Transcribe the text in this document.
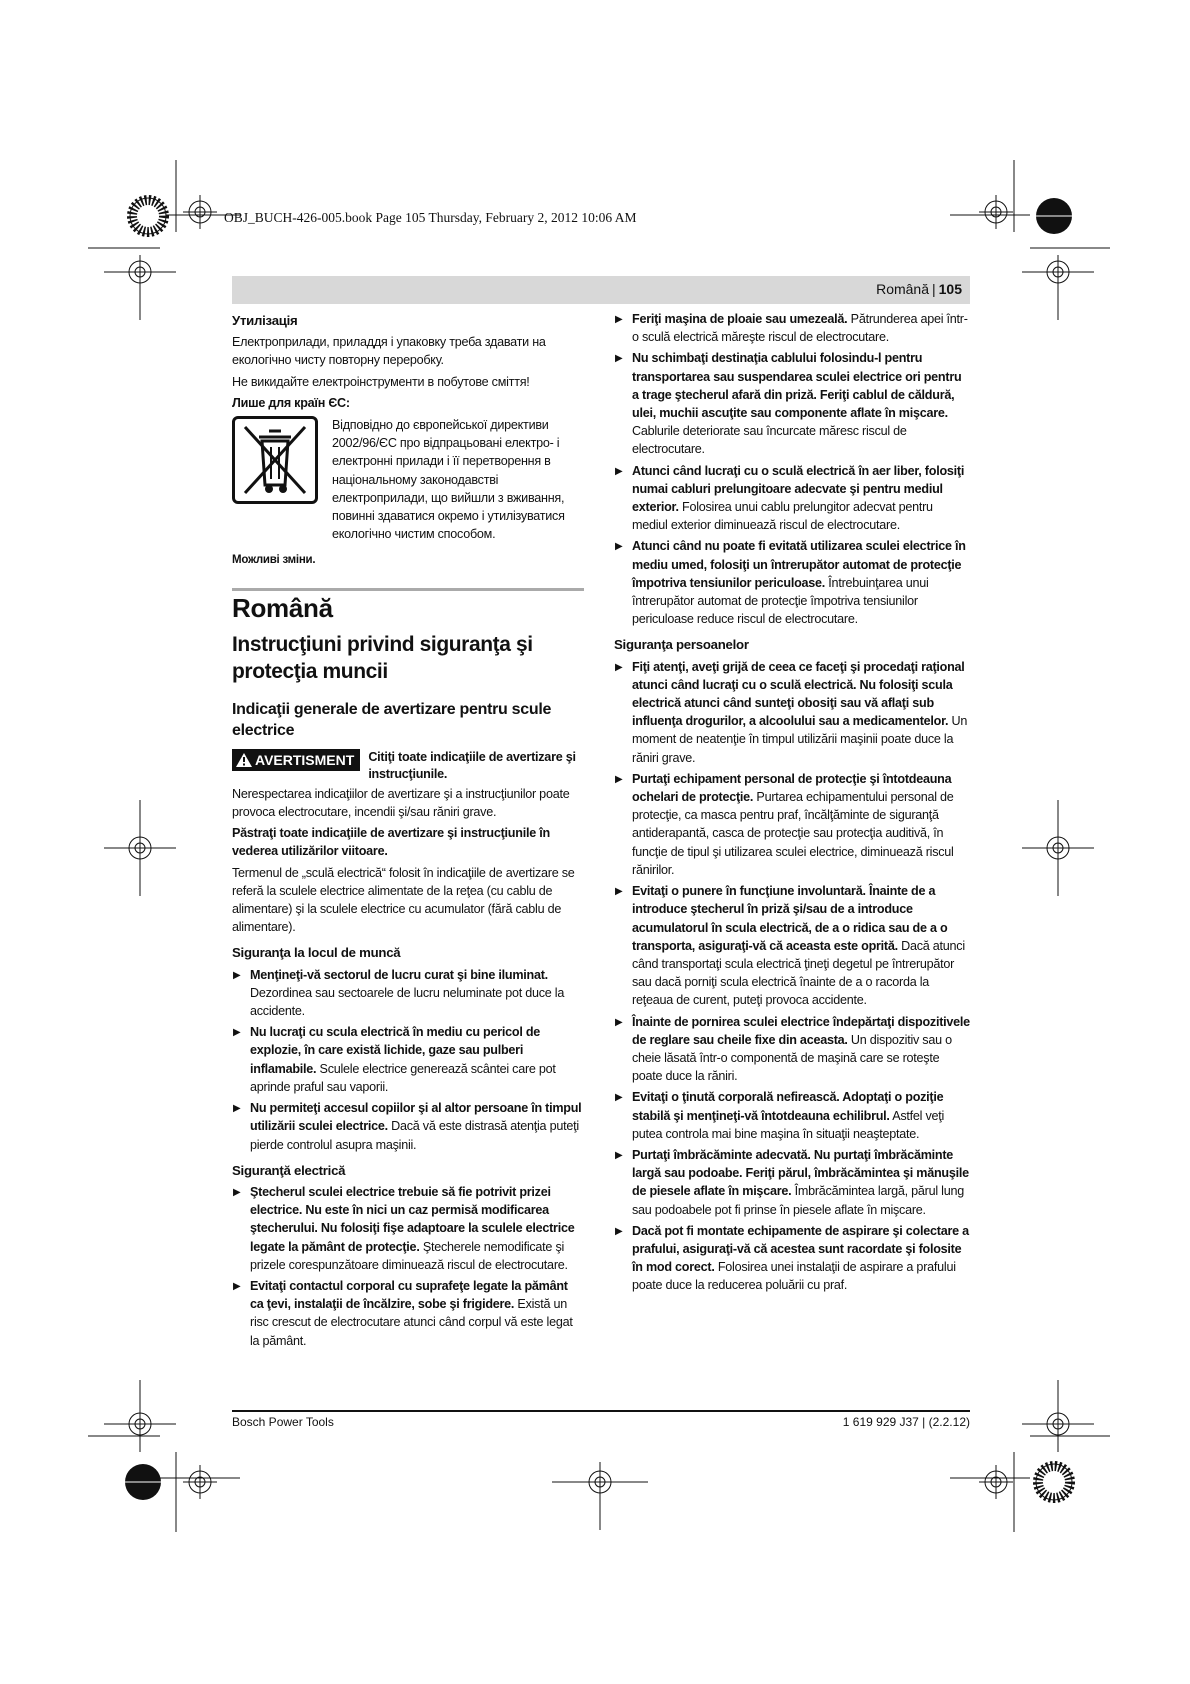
OBJ_BUCH-426-005.book Page 105 Thursday, February 2, 2012 10:06 AM
Română | 105

Утилізація

Електроприлади, приладдя і упаковку треба здавати на екологічно чисту повторну переробку.

Не викидайте електроінструменти в побутове сміття!

Лише для країн ЄС:

Відповідно до європейської директиви 2002/96/ЄС про відпрацьовані електро- і електронні прилади і її перетворення в національному законодавстві електроприлади, що вийшли з вживання, повинні здаватися окремо і утилізуватися екологічно чистим способом.

Можливі зміни.

Română
Instrucţiuni privind siguranţa şi protecţia muncii
Indicaţii generale de avertizare pentru scule electrice
AVERTISMENT Citiţi toate indicaţiile de avertizare şi instrucţiunile.

Nerespectarea indicaţiilor de avertizare şi a instrucţiunilor poate provoca electrocutare, incendii şi/sau răniri grave.

Păstraţi toate indicaţiile de avertizare şi instrucţiunile în vederea utilizărilor viitoare.

Termenul de „sculă electrică“ folosit în indicaţiile de avertizare se referă la sculele electrice alimentate de la reţea (cu cablu de alimentare) şi la sculele electrice cu acumulator (fără cablu de alimentare).

Siguranţa la locul de muncă

▶ Menţineţi-vă sectorul de lucru curat şi bine iluminat. Dezordinea sau sectoarele de lucru neluminate pot duce la accidente.
▶ Nu lucraţi cu scula electrică în mediu cu pericol de explozie, în care există lichide, gaze sau pulberi inflamabile. Sculele electrice generează scântei care pot aprinde praful sau vaporii.
▶ Nu permiteţi accesul copiilor şi al altor persoane în timpul utilizării sculei electrice. Dacă vă este distrasă atenţia puteţi pierde controlul asupra maşinii.

Siguranţă electrică

▶ Ştecherul sculei electrice trebuie să fie potrivit prizei electrice. Nu este în nici un caz permisă modificarea ştecherului. Nu folosiţi fişe adaptoare la sculele electrice legate la pământ de protecţie. Ştecherele nemodificate şi prizele corespunzătoare diminuează riscul de electrocutare.
▶ Evitaţi contactul corporal cu suprafeţe legate la pământ ca ţevi, instalaţii de încălzire, sobe şi frigidere. Există un risc crescut de electrocutare atunci când corpul vă este legat la pământ.
▶ Feriţi maşina de ploaie sau umezeală. Pătrunderea apei într-o sculă electrică măreşte riscul de electrocutare.
▶ Nu schimbaţi destinaţia cablului folosindu-l pentru transportarea sau suspendarea sculei electrice ori pentru a trage ştecherul afară din priză. Feriţi cablul de căldură, ulei, muchii ascuţite sau componente aflate în mişcare. Cablurile deteriorate sau încurcate măresc riscul de electrocutare.
▶ Atunci când lucraţi cu o sculă electrică în aer liber, folosiţi numai cabluri prelungitoare adecvate şi pentru mediul exterior. Folosirea unui cablu prelungitor adecvat pentru mediul exterior diminuează riscul de electrocutare.
▶ Atunci când nu poate fi evitată utilizarea sculei electrice în mediu umed, folosiţi un întrerupător automat de protecţie împotriva tensiunilor periculoase. Întrebuinţarea unui întrerupător automat de protecţie împotriva tensiunilor periculoase reduce riscul de electrocutare.

Siguranţa persoanelor

▶ Fiţi atenţi, aveţi grijă de ceea ce faceţi şi procedaţi raţional atunci când lucraţi cu o sculă electrică. Nu folosiţi scula electrică atunci când sunteţi obosiţi sau vă aflaţi sub influenţa drogurilor, a alcoolului sau a medicamentelor. Un moment de neatenţie în timpul utilizării maşinii poate duce la răniri grave.
▶ Purtaţi echipament personal de protecţie şi întotdeauna ochelari de protecţie. Purtarea echipamentului personal de protecţie, ca masca pentru praf, încălţăminte de siguranţă antiderapantă, casca de protecţie sau protecţia auditivă, în funcţie de tipul şi utilizarea sculei electrice, diminuează riscul rănirilor.
▶ Evitaţi o punere în funcţiune involuntară. Înainte de a introduce ştecherul în priză şi/sau de a introduce acumulatorul în scula electrică, de a o ridica sau de a o transporta, asiguraţi-vă că aceasta este oprită. Dacă atunci când transportaţi scula electrică ţineţi degetul pe întrerupător sau dacă porniţi scula electrică înainte de a o racorda la reţeaua de curent, puteţi provoca accidente.
▶ Înainte de pornirea sculei electrice îndepărtaţi dispozitivele de reglare sau cheile fixe din aceasta. Un dispozitiv sau o cheie lăsată într-o componentă de maşină care se roteşte poate duce la răniri.
▶ Evitaţi o ţinută corporală nefirească. Adoptaţi o poziţie stabilă şi menţineţi-vă întotdeauna echilibrul. Astfel veţi putea controla mai bine maşina în situaţii neaşteptate.
▶ Purtaţi îmbrăcăminte adecvată. Nu purtaţi îmbrăcăminte largă sau podoabe. Feriţi părul, îmbrăcămintea şi mănuşile de piesele aflate în mişcare. Îmbrăcămintea largă, părul lung sau podoabele pot fi prinse în piesele aflate în mişcare.
▶ Dacă pot fi montate echipamente de aspirare şi colectare a prafului, asiguraţi-vă că acestea sunt racordate şi folosite în mod corect. Folosirea unei instalaţii de aspirare a prafului poate duce la reducerea poluării cu praf.
Bosch Power Tools	1 619 929 J37 | (2.2.12)
